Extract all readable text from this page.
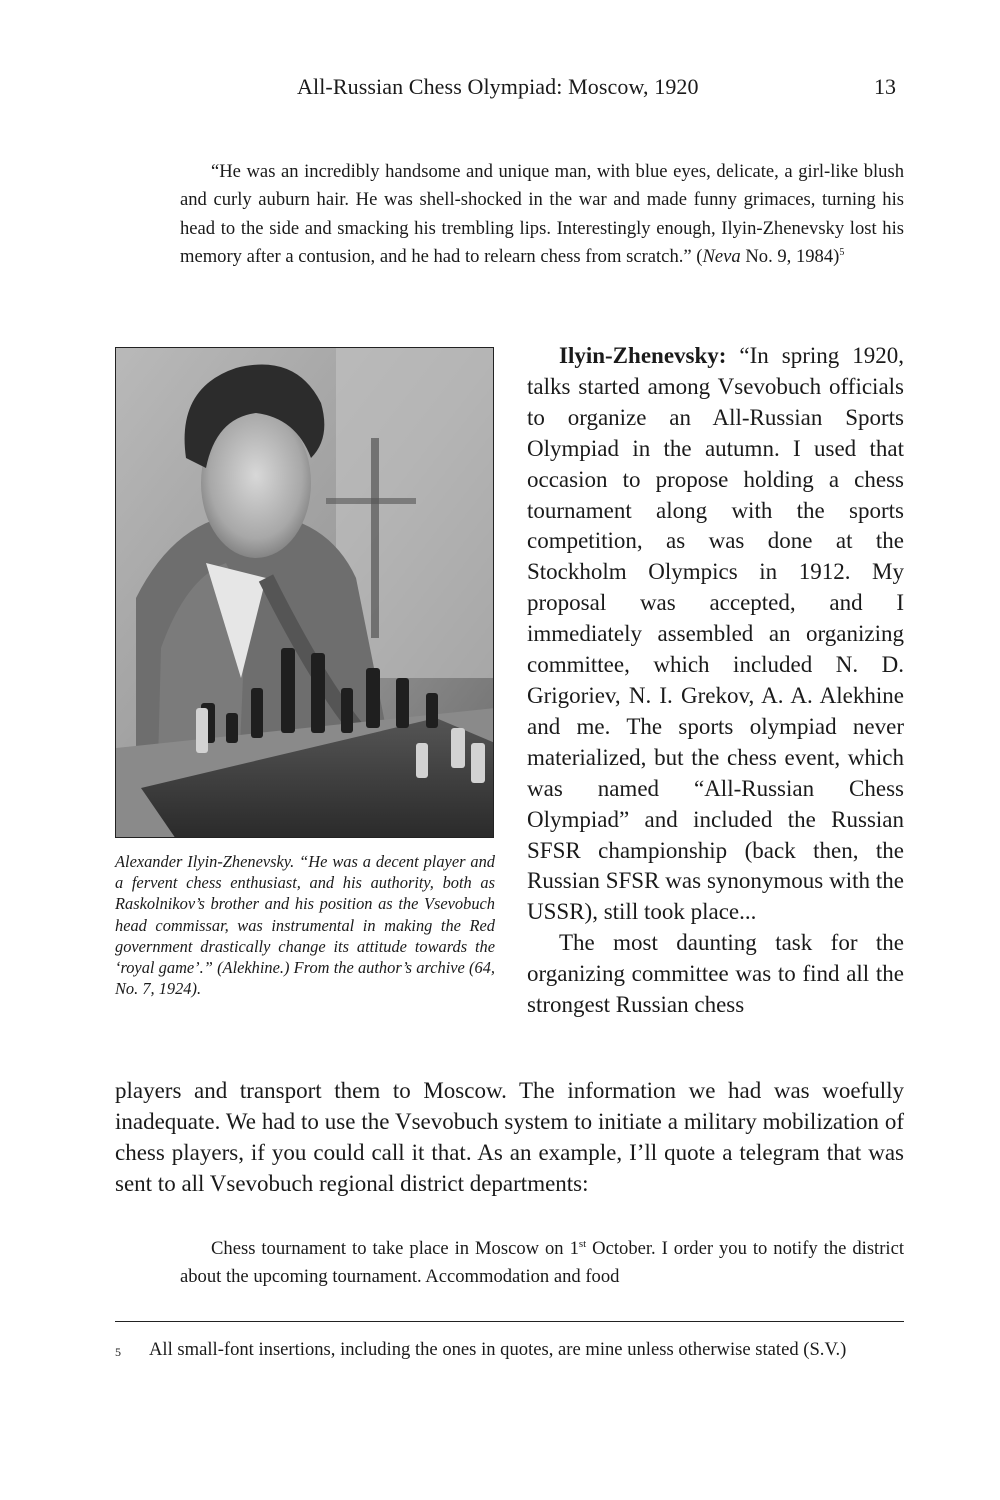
All-Russian Chess Olympiad: Moscow, 1920	13

“He was an incredibly handsome and unique man, with blue eyes, delicate, a girl-like blush and curly auburn hair. He was shell-shocked in the war and made funny grimaces, turning his head to the side and smacking his trembling lips. Interestingly enough, Ilyin-Zhenevsky lost his memory after a contusion, and he had to relearn chess from scratch.” (Neva No. 9, 1984)$^5$

Alexander Ilyin-Zhenevsky. “He was a decent player and a fervent chess enthusiast, and his authority, both as Raskolnikov’s brother and his position as the Vsevobuch head commissar, was instrumental in making the Red government drastically change its attitude towards the ‘royal game’.” (Alekhine.) From the author’s archive (64, No. 7, 1924).

Ilyin-Zhenevsky: “In spring 1920, talks started among Vsevobuch officials to organize an All-Russian Sports Olympiad in the autumn. I used that occasion to propose holding a chess tournament along with the sports competition, as was done at the Stockholm Olympics in 1912. My proposal was accepted, and I immediately assembled an organizing committee, which included N. D. Grigoriev, N. I. Grekov, A. A. Alekhine and me. The sports olympiad never materialized, but the chess event, which was named “All-Russian Chess Olympiad” and included the Russian SFSR championship (back then, the Russian SFSR was synonymous with the USSR), still took place...

The most daunting task for the organizing committee was to find all the strongest Russian chess

players and transport them to Moscow. The information we had was woefully inadequate. We had to use the Vsevobuch system to initiate a military mobilization of chess players, if you could call it that. As an example, I’ll quote a telegram that was sent to all Vsevobuch regional district departments:

Chess tournament to take place in Moscow on 1st October. I order you to notify the district about the upcoming tournament. Accommodation and food

5 All small-font insertions, including the ones in quotes, are mine unless otherwise stated (S.V.)
